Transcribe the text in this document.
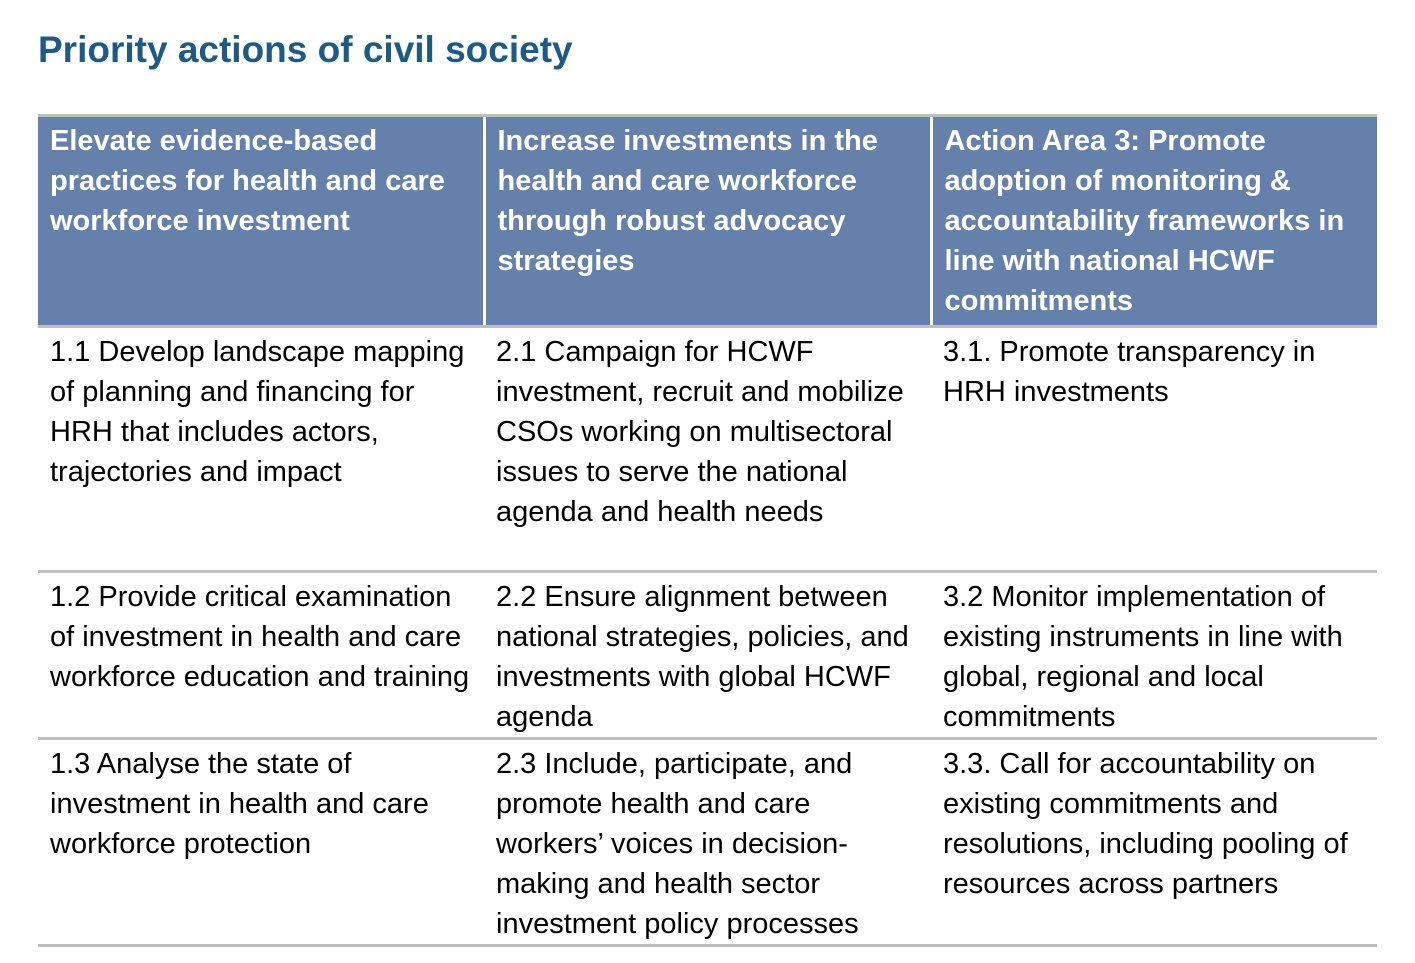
Priority actions of civil society
Elevate evidence-based practices for health and care workforce investment	Increase investments in the health and care workforce through robust advocacy strategies	Action Area 3: Promote adoption of monitoring & accountability frameworks in line with national HCWF commitments
1.1 Develop landscape mapping of planning and financing for HRH that includes actors, trajectories and impact	2.1 Campaign for HCWF investment, recruit and mobilize CSOs working on multisectoral issues to serve the national agenda and health needs	3.1. Promote transparency in HRH investments
1.2 Provide critical examination of investment in health and care workforce education and training	2.2 Ensure alignment between national strategies, policies, and investments with global HCWF agenda	3.2 Monitor implementation of existing instruments in line with global, regional and local commitments
1.3 Analyse the state of investment in health and care workforce protection	2.3 Include, participate, and promote health and care workers’ voices in decision-making and health sector investment policy processes	3.3. Call for accountability on existing commitments and resolutions, including pooling of resources across partners
